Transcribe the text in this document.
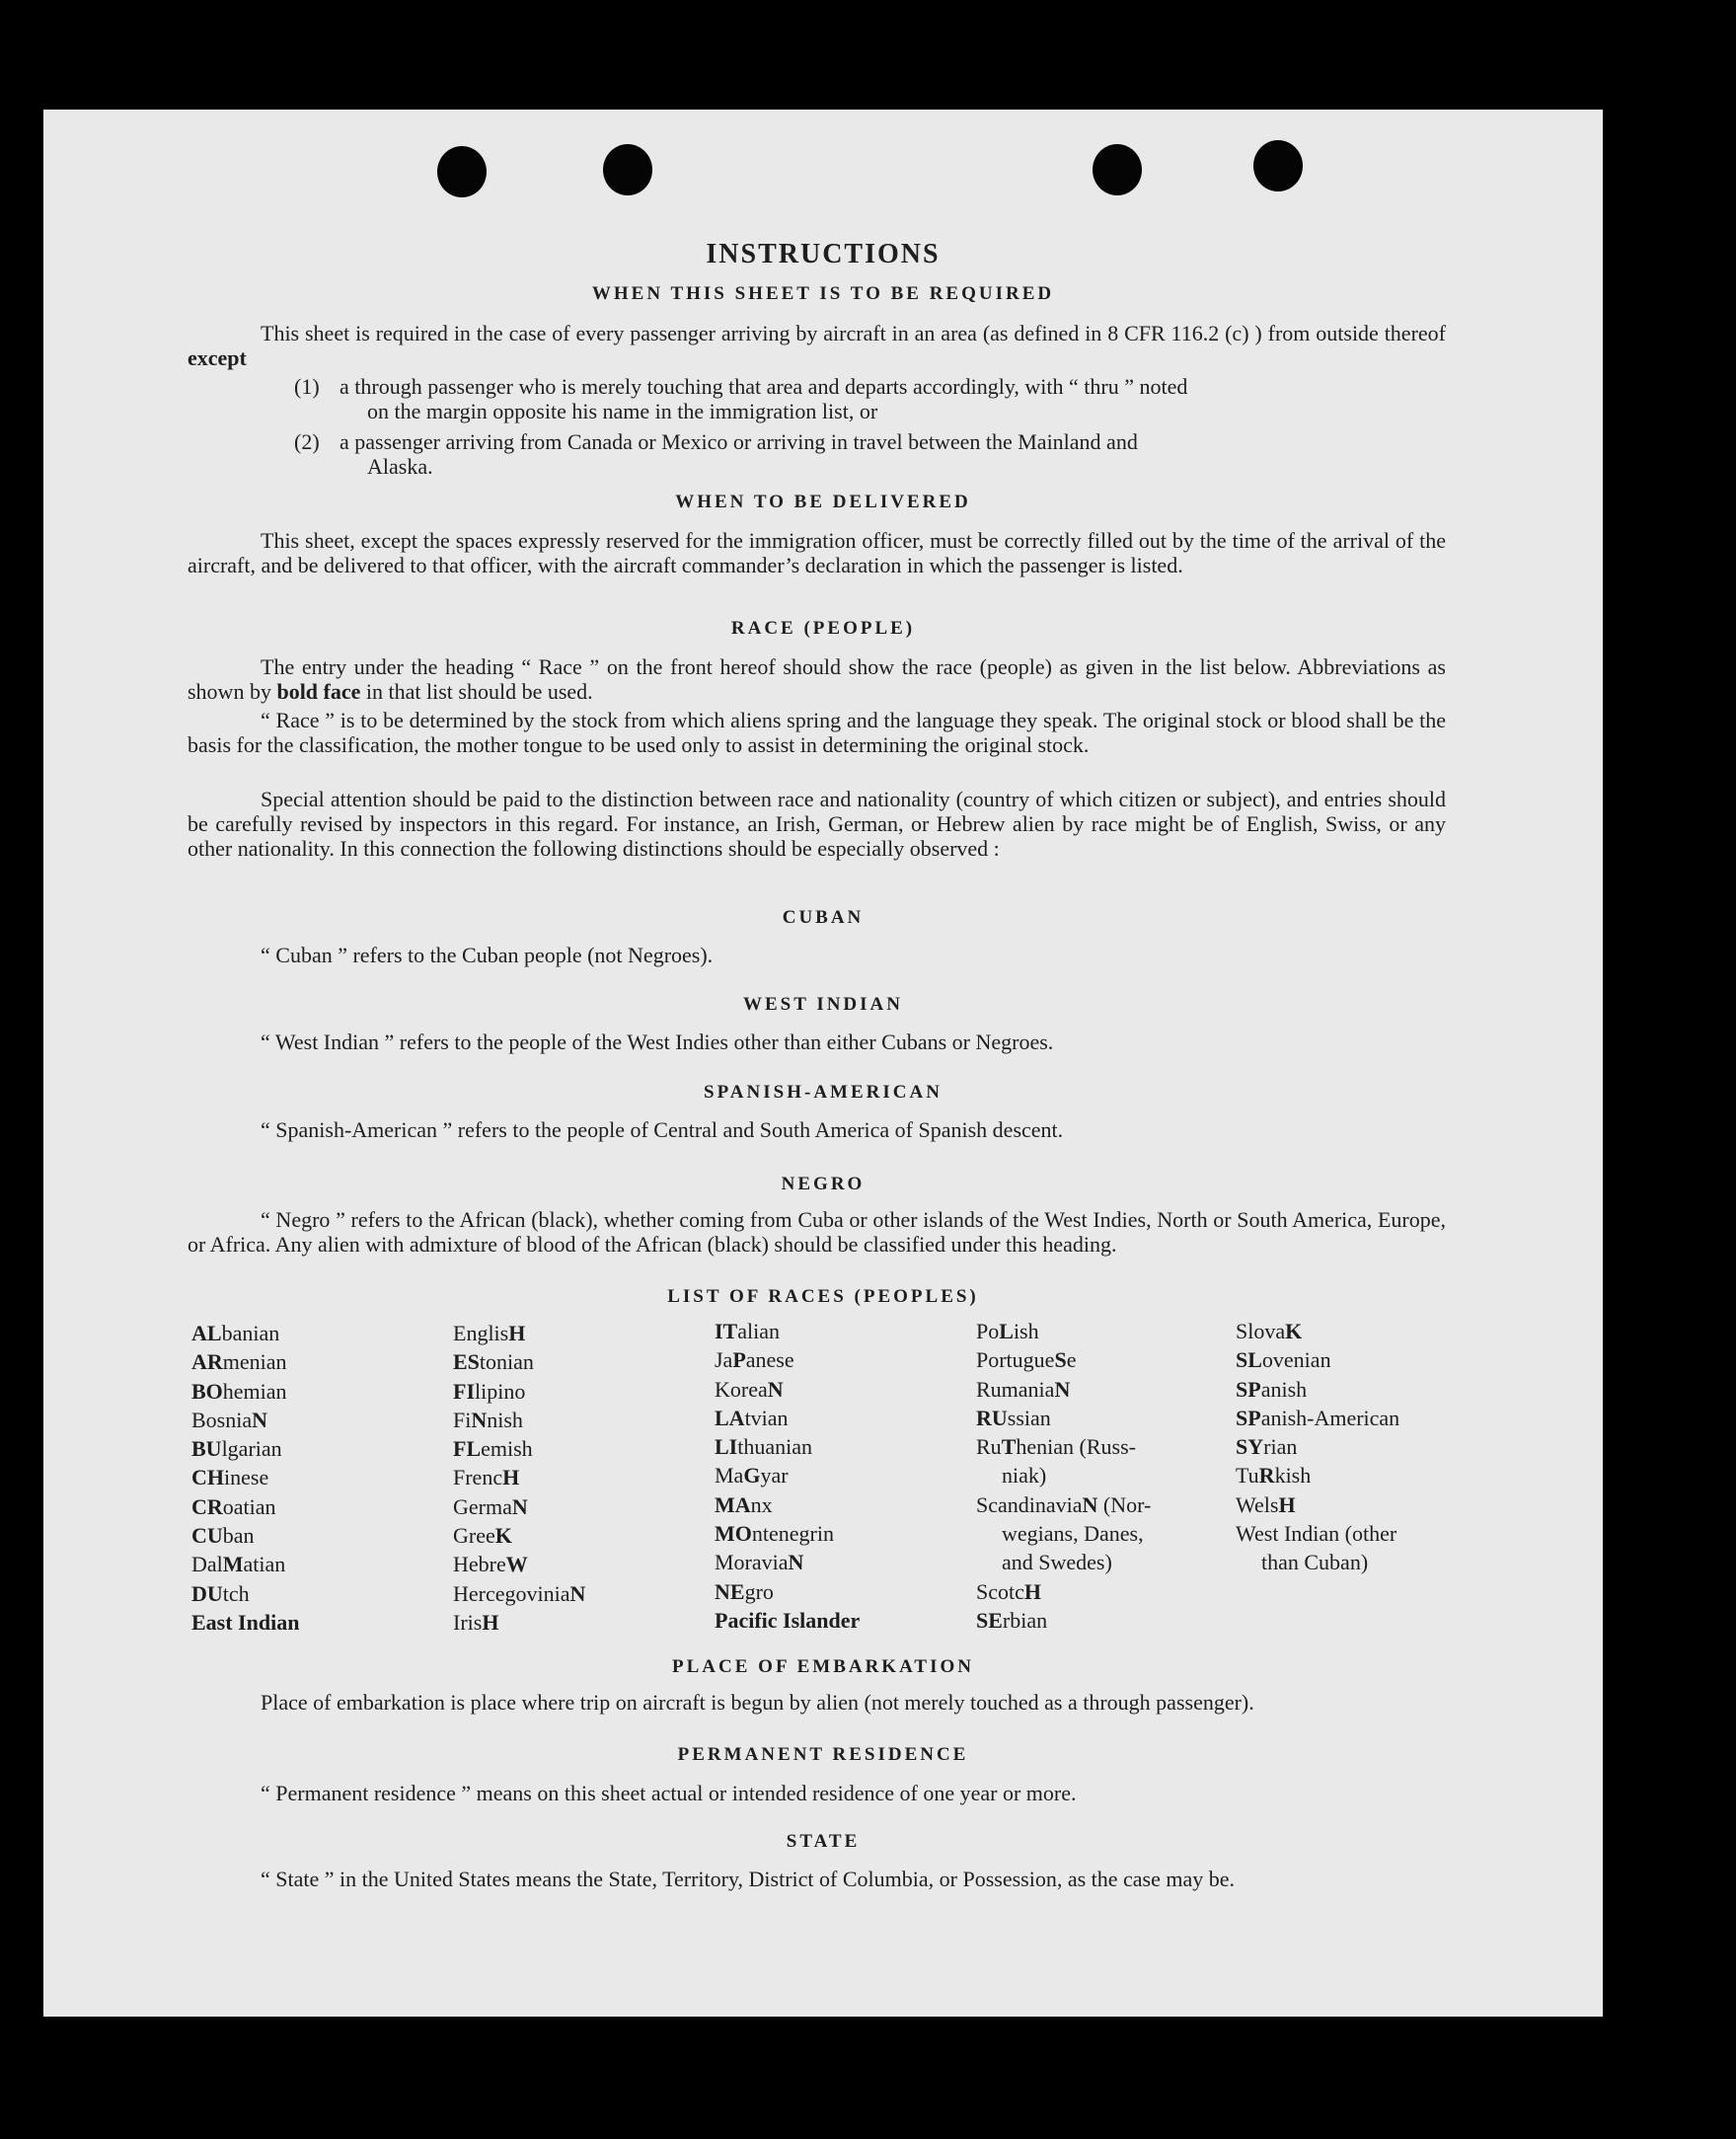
INSTRUCTIONS
WHEN THIS SHEET IS TO BE REQUIRED
This sheet is required in the case of every passenger arriving by aircraft in an area (as defined in 8 CFR 116.2 (c) ) from outside thereof except
(1) a through passenger who is merely touching that area and departs accordingly, with “ thru ” noted
on the margin opposite his name in the immigration list, or
(2) a passenger arriving from Canada or Mexico or arriving in travel between the Mainland and
Alaska.
WHEN TO BE DELIVERED
This sheet, except the spaces expressly reserved for the immigration officer, must be correctly filled out by the time of the arrival of the aircraft, and be delivered to that officer, with the aircraft commander’s declaration in which the passenger is listed.
RACE (PEOPLE)
The entry under the heading “ Race ” on the front hereof should show the race (people) as given in the list below. Abbreviations as shown by bold face in that list should be used.
“ Race ” is to be determined by the stock from which aliens spring and the language they speak. The original stock or blood shall be the basis for the classification, the mother tongue to be used only to assist in determining the original stock.
Special attention should be paid to the distinction between race and nationality (country of which citizen or subject), and entries should be carefully revised by inspectors in this regard. For instance, an Irish, German, or Hebrew alien by race might be of English, Swiss, or any other nationality. In this connection the following distinctions should be especially observed :
CUBAN
“ Cuban ” refers to the Cuban people (not Negroes).
WEST INDIAN
“ West Indian ” refers to the people of the West Indies other than either Cubans or Negroes.
SPANISH-AMERICAN
“ Spanish-American ” refers to the people of Central and South America of Spanish descent.
NEGRO
“ Negro ” refers to the African (black), whether coming from Cuba or other islands of the West Indies, North or South America, Europe, or Africa. Any alien with admixture of blood of the African (black) should be classified under this heading.
LIST OF RACES (PEOPLES)
ALbanian
ARmenian
BOhemian
BosniaN
BUlgarian
CHinese
CRoatian
CUban
DalMatian
DUtch
East Indian
EnglisH
EStonian
FIlipino
FiNnish
FLemish
FrencH
GermaN
GreeK
HebreW
HercegoviniaN
IrisH
ITalian
JaPanese
KoreaN
LAtvian
LIthuanian
MaGyar
MAnx
MOntenegrin
MoraviaN
NEgro
Pacific Islander
PoLish
PortugueSe
RumaniaN
RUssian
RuThenian (Russ-
niak)
ScandinaviaN (Nor-
wegians, Danes,
and Swedes)
ScotcH
SErbian
SlovaK
SLovenian
SPanish
SPanish-American
SYrian
TuRkish
WelsH
West Indian (other
than Cuban)
PLACE OF EMBARKATION
Place of embarkation is place where trip on aircraft is begun by alien (not merely touched as a through passenger).
PERMANENT RESIDENCE
“ Permanent residence ” means on this sheet actual or intended residence of one year or more.
STATE
“ State ” in the United States means the State, Territory, District of Columbia, or Possession, as the case may be.
